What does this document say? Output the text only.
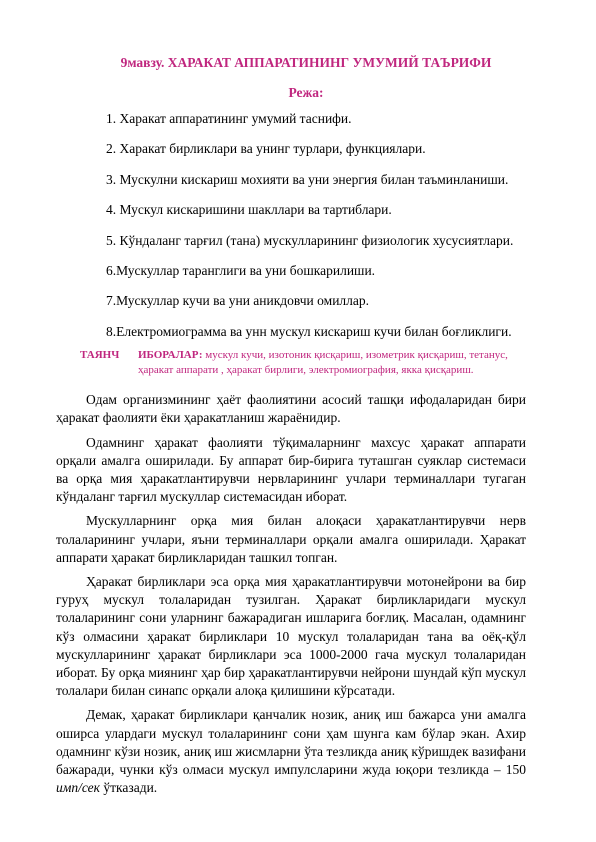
9мавзу. ХАРАКАТ АППАРАТИНИНГ УМУМИЙ ТАЪРИФИ
Режа:
1. Харакат аппаратининг умумий таснифи.
2. Харакат бирликлари ва унинг турлари, функциялари.
3. Мускулни кискариш мохияти ва уни энергия билан таъминланиши.
4. Мускул кискаришини шакллари ва тартиблари.
5. Кўндаланг тарғил (тана) мускулларининг физиологик хусусиятлари.
6.Мускуллар таранглиги ва уни бошкарилиши.
7.Мускуллар кучи ва уни аникдовчи омиллар.
8.Електромиограмма ва унн мускул кискариш кучи билан боғликлиги.
ТАЯНЧ ИБОРАЛАР: мускул кучи, изотоник қисқариш, изометрик қисқариш, тетанус, ҳаракат аппарати , ҳаракат бирлиги, электромиография, якка қисқариш.

Одам организмининг ҳаёт фаолиятини асосий ташқи ифодаларидан бири ҳаракат фаолияти ёки ҳаракатланиш жараёнидир.

Одамнинг ҳаракат фаолияти тўқималарнинг махсус ҳаракат аппарати орқали амалга оширилади. Бу аппарат бир-бирига туташган суяклар системаси ва орқа мия ҳаракатлантирувчи нервларининг учлари терминаллари тугаган кўндаланг тарғил мускуллар системасидан иборат.

Мускулларнинг орқа мия билан алоқаси ҳаракатлантирувчи нерв толаларининг учлари, яъни терминаллари орқали амалга оширилади. Ҳаракат аппарати ҳаракат бирликларидан ташкил топган.

Ҳаракат бирликлари эса орқа мия ҳаракатлантирувчи мотонейрони ва бир гуруҳ мускул толаларидан тузилган. Ҳаракат бирликларидаги мускул толаларининг сони уларнинг бажарадиган ишларига боғлиқ. Масалан, одамнинг кўз олмасини ҳаракат бирликлари 10 мускул толаларидан тана ва оёқ-қўл мускулларининг ҳаракат бирликлари эса 1000-2000 гача мускул толаларидан иборат. Бу орқа миянинг ҳар бир ҳаракатлантирувчи нейрони шундай кўп мускул толалари билан синапс орқали алоқа қилишини кўрсатади.

Демак, ҳаракат бирликлари қанчалик нозик, аниқ иш бажарса уни амалга оширса улардаги мускул толаларининг сони ҳам шунга кам бўлар экан. Ахир одамнинг кўзи нозик, аниқ иш жисмларни ўта тезликда аниқ кўришдек вазифани бажаради, чунки кўз олмаси мускул импулсларини жуда юқори тезликда – 150 имп/сек ўтказади.
